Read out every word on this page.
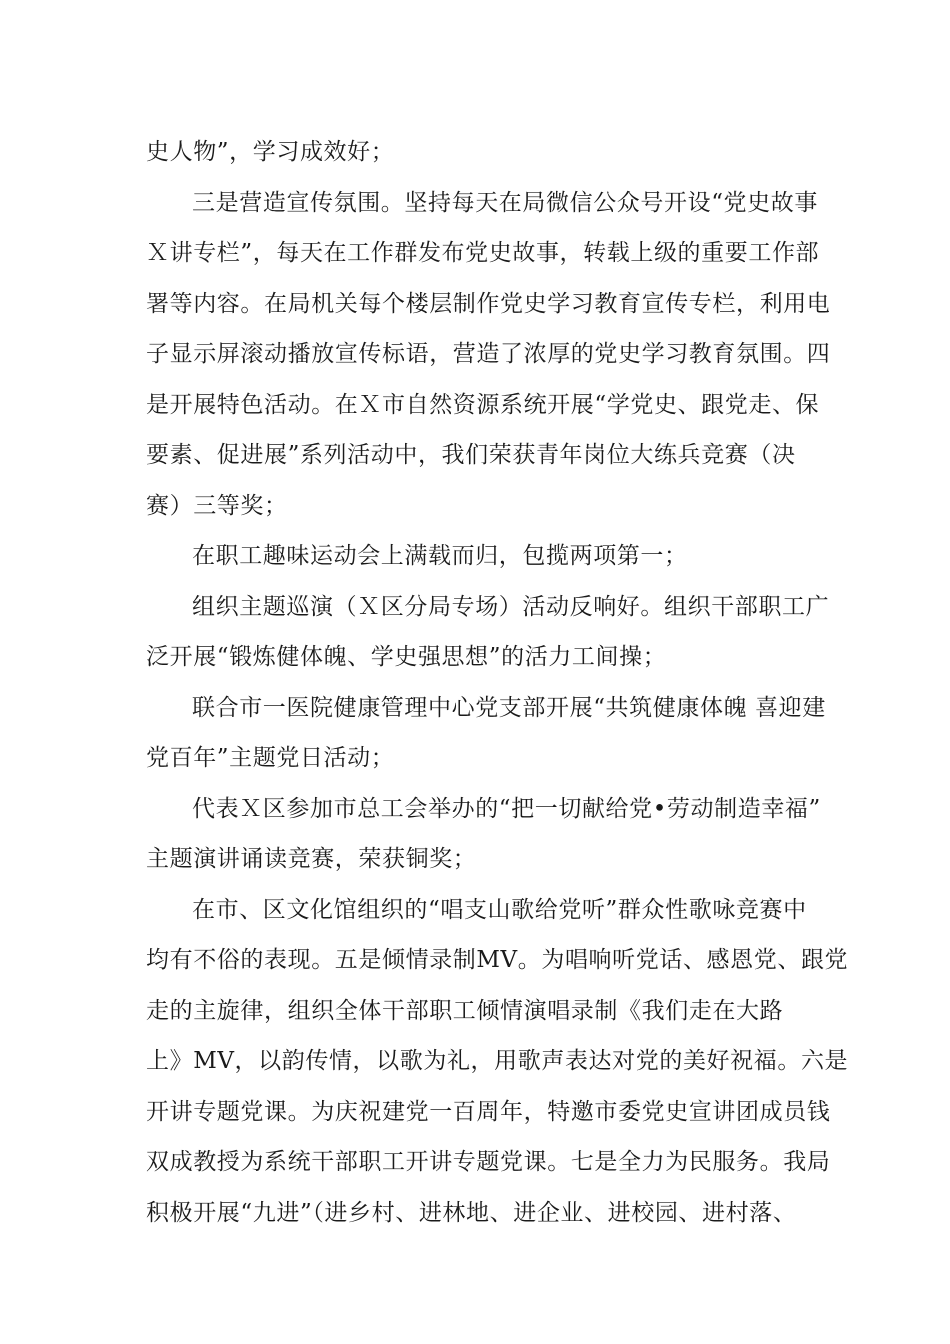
史人物”，学习成效好；
三是营造宣传氛围。坚持每天在局微信公众号开设“党史故事
Ｘ讲专栏”，每天在工作群发布党史故事，转载上级的重要工作部
署等内容。在局机关每个楼层制作党史学习教育宣传专栏，利用电
子显示屏滚动播放宣传标语，营造了浓厚的党史学习教育氛围。四
是开展特色活动。在Ｘ市自然资源系统开展“学党史、跟党走、保
要素、促进展”系列活动中，我们荣获青年岗位大练兵竞赛（决
赛）三等奖；
在职工趣味运动会上满载而归，包揽两项第一；
组织主题巡演（Ｘ区分局专场）活动反响好。组织干部职工广
泛开展“锻炼健体魄、学史强思想”的活力工间操；
联合市一医院健康管理中心党支部开展“共筑健康体魄 喜迎建
党百年”主题党日活动；
代表Ｘ区参加市总工会举办的“把一切献给党•劳动制造幸福”
主题演讲诵读竞赛，荣获铜奖；
在市、区文化馆组织的“唱支山歌给党听”群众性歌咏竞赛中
均有不俗的表现。五是倾情录制MV。为唱响听党话、感恩党、跟党
走的主旋律，组织全体干部职工倾情演唱录制《我们走在大路
上》MV，以韵传情，以歌为礼，用歌声表达对党的美好祝福。六是
开讲专题党课。为庆祝建党一百周年，特邀市委党史宣讲团成员钱
双成教授为系统干部职工开讲专题党课。七是全力为民服务。我局
积极开展“九进”（进乡村、进林地、进企业、进校园、进村落、
